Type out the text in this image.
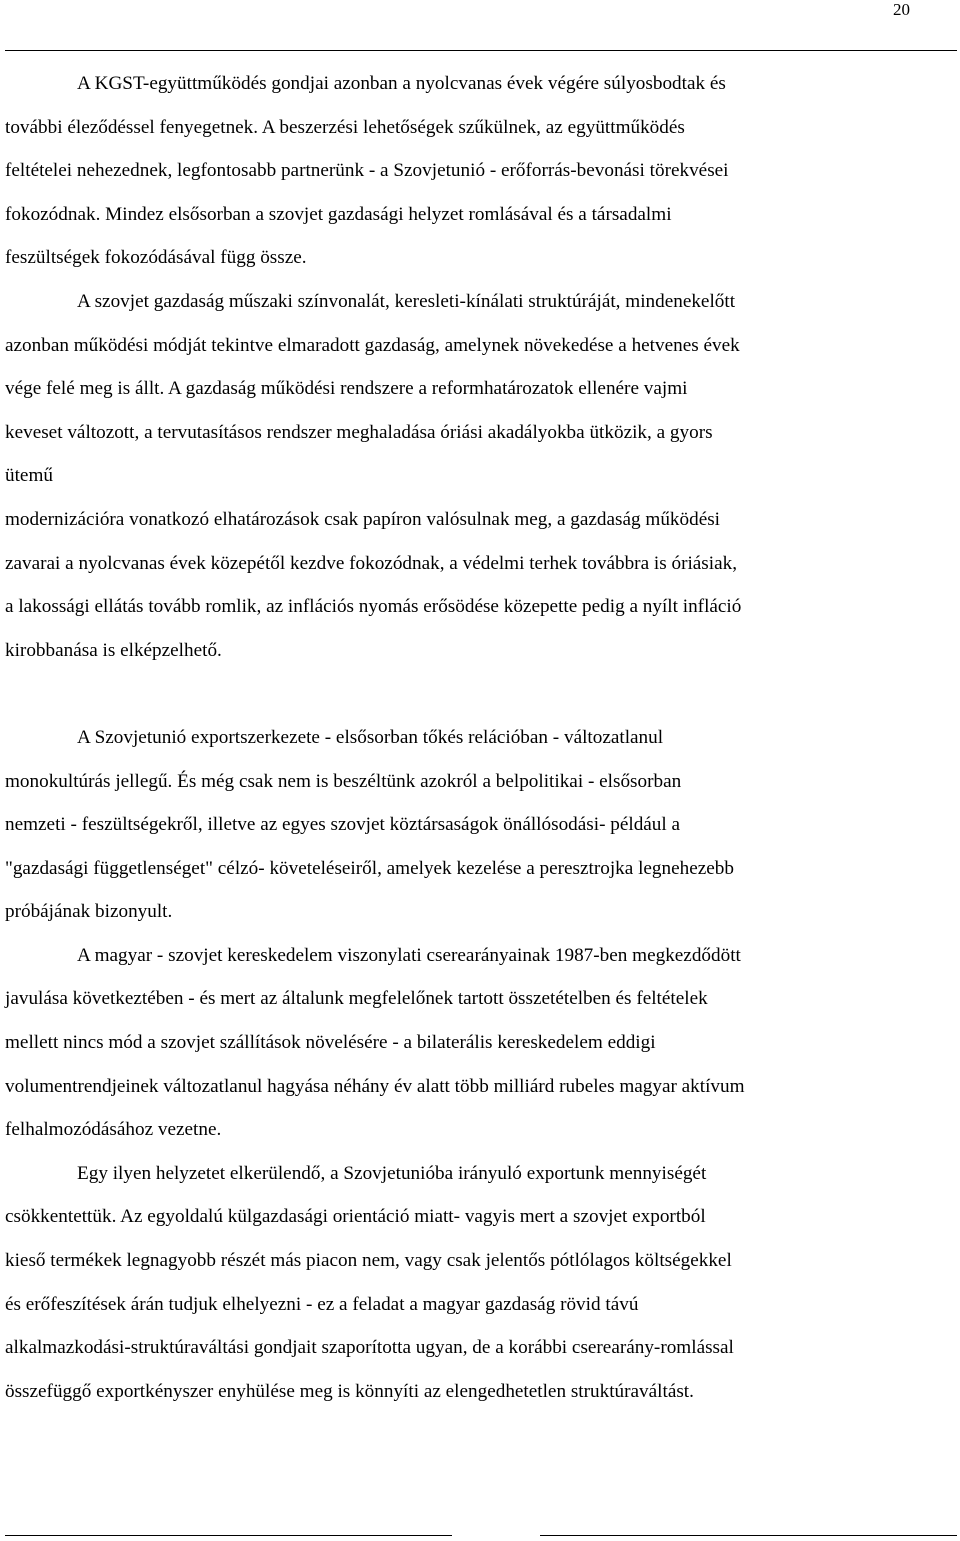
20

A KGST-együttműködés gondjai azonban a nyolcvanas évek végére súlyosbodtak és
további éleződéssel fenyegetnek. A beszerzési lehetőségek szűkülnek, az együttműködés
feltételei nehezednek, legfontosabb partnerünk - a Szovjetunió - erőforrás-bevonási törekvései
fokozódnak. Mindez elsősorban a szovjet gazdasági helyzet romlásával és a társadalmi
feszültségek fokozódásával függ össze.

A szovjet gazdaság műszaki színvonalát, keresleti-kínálati struktúráját, mindenekelőtt
azonban működési módját tekintve elmaradott gazdaság, amelynek növekedése a hetvenes évek
vége felé meg is állt. A gazdaság működési rendszere a reformhatározatok ellenére vajmi
keveset változott, a tervutasításos rendszer meghaladása óriási akadályokba ütközik, a gyors
ütemű
modernizációra vonatkozó elhatározások csak papíron valósulnak meg, a gazdaság működési
zavarai a nyolcvanas évek közepétől kezdve fokozódnak, a védelmi terhek továbbra is óriásiak,
a lakossági ellátás tovább romlik, az inflációs nyomás erősödése közepette pedig a nyílt infláció
kirobbanása is elképzelhető.

A Szovjetunió exportszerkezete - elsősorban tőkés relációban - változatlanul
monokultúrás jellegű. És még csak nem is beszéltünk azokról a belpolitikai - elsősorban
nemzeti - feszültségekről, illetve az egyes szovjet köztársaságok önállósodási- például a
"gazdasági függetlenséget" célzó- követeléseiről, amelyek kezelése a peresztrojka legnehezebb
próbájának bizonyult.

A magyar - szovjet kereskedelem viszonylati cserearányainak 1987-ben megkezdődött
javulása következtében - és mert az általunk megfelelőnek tartott összetételben és feltételek
mellett nincs mód a szovjet szállítások növelésére - a bilaterális kereskedelem eddigi
volumentrendjeinek változatlanul hagyása néhány év alatt több milliárd rubeles magyar aktívum
felhalmozódásához vezetne.

Egy ilyen helyzetet elkerülendő, a Szovjetunióba irányuló exportunk mennyiségét
csökkentettük. Az egyoldalú külgazdasági orientáció miatt- vagyis mert a szovjet exportból
kieső termékek legnagyobb részét más piacon nem, vagy csak jelentős pótlólagos költségekkel
és erőfeszítések árán tudjuk elhelyezni - ez a feladat a magyar gazdaság rövid távú
alkalmazkodási-struktúraváltási gondjait szaporította ugyan, de a korábbi cserearány-romlással
összefüggő exportkényszer enyhülése meg is könnyíti az elengedhetetlen struktúraváltást.
